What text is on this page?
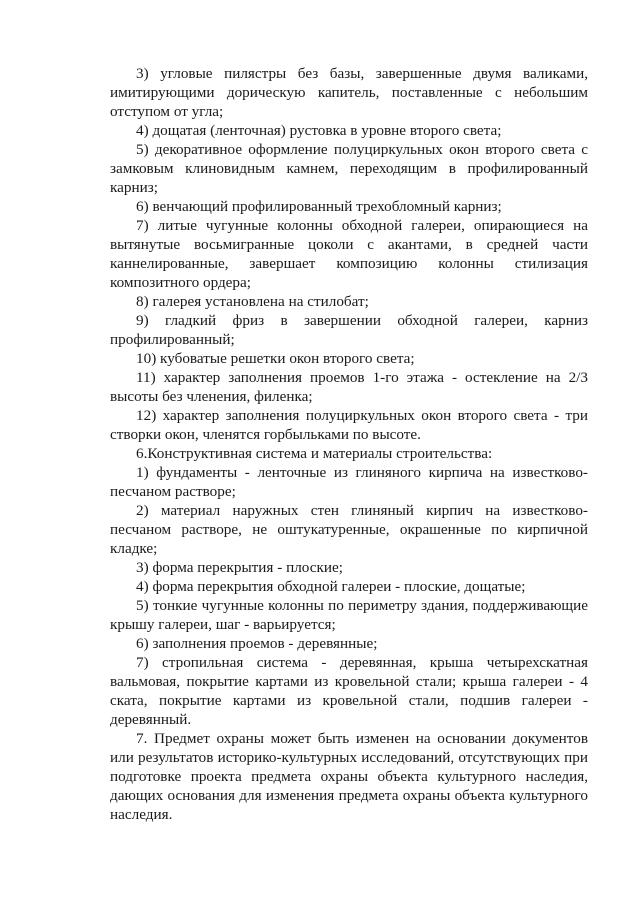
3) угловые пилястры без базы, завершенные двумя валиками, имитирующими дорическую капитель, поставленные с небольшим отступом от угла;

4) дощатая (ленточная) рустовка в уровне второго света;

5) декоративное оформление полуциркульных окон второго света с замковым клиновидным камнем, переходящим в профилированный карниз;

6) венчающий профилированный трехобломный карниз;

7) литые чугунные колонны обходной галереи, опирающиеся на вытянутые восьмигранные цоколи с акантами, в средней части каннелированные, завершает композицию колонны стилизация композитного ордера;

8) галерея установлена на стилобат;

9) гладкий фриз в завершении обходной галереи, карниз профилированный;

10) кубоватые решетки окон второго света;

11) характер заполнения проемов 1-го этажа - остекление на 2/3 высоты без членения, филенка;

12) характер заполнения полуциркульных окон второго света - три створки окон, членятся горбыльками по высоте.

6.Конструктивная система и материалы строительства:

1) фундаменты - ленточные из глиняного кирпича на известково-песчаном растворе;

2) материал наружных стен глиняный кирпич на известково-песчаном растворе, не оштукатуренные, окрашенные по кирпичной кладке;

3) форма перекрытия - плоские;

4) форма перекрытия обходной галереи - плоские, дощатые;

5) тонкие чугунные колонны по периметру здания, поддерживающие крышу галереи, шаг - варьируется;

6) заполнения проемов - деревянные;

7) стропильная система - деревянная, крыша четырехскатная вальмовая, покрытие картами из кровельной стали; крыша галереи - 4 ската, покрытие картами из кровельной стали, подшив галереи - деревянный.

7. Предмет охраны может быть изменен на основании документов или результатов историко-культурных исследований, отсутствующих при подготовке проекта предмета охраны объекта культурного наследия, дающих основания для изменения предмета охраны объекта культурного наследия.
